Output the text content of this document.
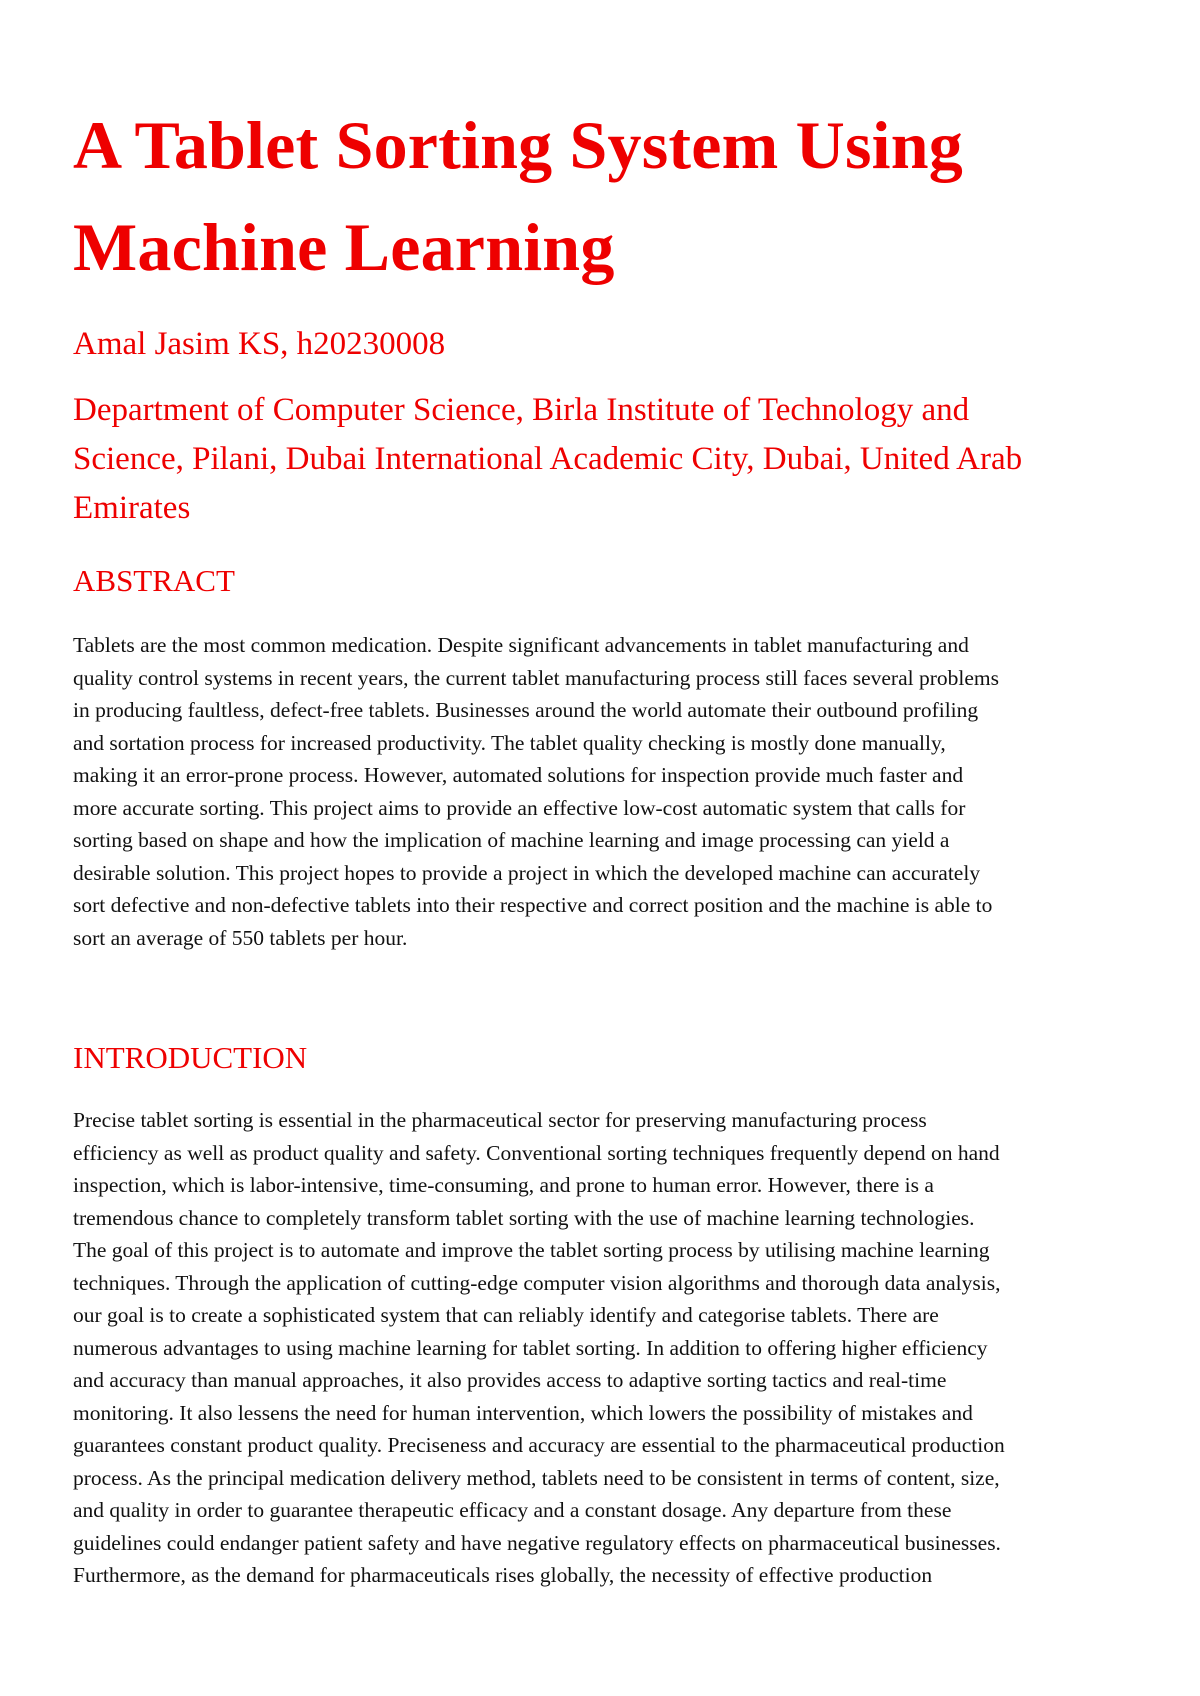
A Tablet Sorting System Using
Machine Learning

Amal Jasim KS, h20230008

Department of Computer Science, Birla Institute of Technology and
Science, Pilani, Dubai International Academic City, Dubai, United Arab
Emirates

ABSTRACT

Tablets are the most common medication. Despite significant advancements in tablet manufacturing and
quality control systems in recent years, the current tablet manufacturing process still faces several problems
in producing faultless, defect-free tablets. Businesses around the world automate their outbound profiling
and sortation process for increased productivity. The tablet quality checking is mostly done manually,
making it an error-prone process. However, automated solutions for inspection provide much faster and
more accurate sorting. This project aims to provide an effective low-cost automatic system that calls for
sorting based on shape and how the implication of machine learning and image processing can yield a
desirable solution. This project hopes to provide a project in which the developed machine can accurately
sort defective and non-defective tablets into their respective and correct position and the machine is able to
sort an average of 550 tablets per hour.

INTRODUCTION

Precise tablet sorting is essential in the pharmaceutical sector for preserving manufacturing process
efficiency as well as product quality and safety. Conventional sorting techniques frequently depend on hand
inspection, which is labor-intensive, time-consuming, and prone to human error. However, there is a
tremendous chance to completely transform tablet sorting with the use of machine learning technologies.
The goal of this project is to automate and improve the tablet sorting process by utilising machine learning
techniques. Through the application of cutting-edge computer vision algorithms and thorough data analysis,
our goal is to create a sophisticated system that can reliably identify and categorise tablets. There are
numerous advantages to using machine learning for tablet sorting. In addition to offering higher efficiency
and accuracy than manual approaches, it also provides access to adaptive sorting tactics and real-time
monitoring. It also lessens the need for human intervention, which lowers the possibility of mistakes and
guarantees constant product quality. Preciseness and accuracy are essential to the pharmaceutical production
process. As the principal medication delivery method, tablets need to be consistent in terms of content, size,
and quality in order to guarantee therapeutic efficacy and a constant dosage. Any departure from these
guidelines could endanger patient safety and have negative regulatory effects on pharmaceutical businesses.
Furthermore, as the demand for pharmaceuticals rises globally, the necessity of effective production
